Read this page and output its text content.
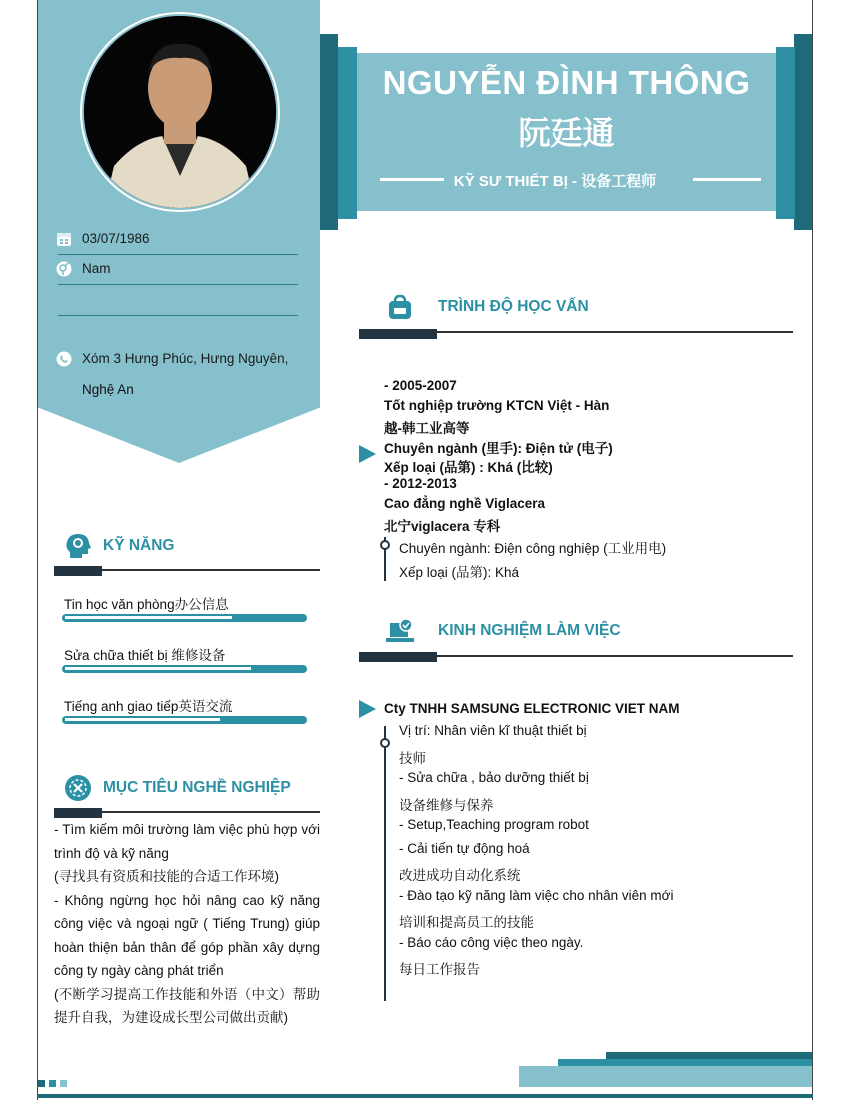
03/07/1986
Nam
Xóm 3 Hưng Phúc, Hưng Nguyên,
Nghệ An
NGUYỄN ĐÌNH THÔNG
阮廷通
KỸ SƯ THIẾT BỊ - 设备工程师
TRÌNH ĐỘ HỌC VẤN
- 2005-2007
Tốt nghiệp trường KTCN Việt - Hàn
越-韩工业高等
Chuyên ngành (里手): Điện tử (电子)
Xếp loại (品第) : Khá (比较)
- 2012-2013
Cao đẳng nghề Viglacera
北宁viglacera 专科
Chuyên ngành: Điện công nghiệp (工业用电)
Xếp loại (品第): Khá
KINH NGHIỆM LÀM VIỆC
Cty TNHH SAMSUNG ELECTRONIC VIET NAM
Vị trí: Nhân viên kĩ thuật thiết bị
技师
- Sửa chữa , bảo dưỡng thiết bị
设备维修与保养
- Setup,Teaching program robot
- Cải tiến tự động hoá
改进成功自动化系统
- Đào tạo kỹ năng làm việc cho nhân viên mới
培训和提高员工的技能
- Báo cáo công việc theo ngày.
每日工作报告
KỸ NĂNG
Tin học văn phòng办公信息
Sửa chữa thiết bị 维修设备
Tiếng anh giao tiếp英语交流
MỤC TIÊU NGHỀ NGHIỆP

- Tìm kiếm môi trường làm việc phù hợp với trình độ và kỹ năng

(寻找具有资质和技能的合适工作环境)

- Không ngừng học hỏi nâng cao kỹ năng công việc và ngoại ngữ ( Tiếng Trung) giúp hoàn thiện bản thân để góp phần xây dựng công ty ngày càng phát triển

(不断学习提高工作技能和外语（中文）帮助提升自我，为建设成长型公司做出贡献)
